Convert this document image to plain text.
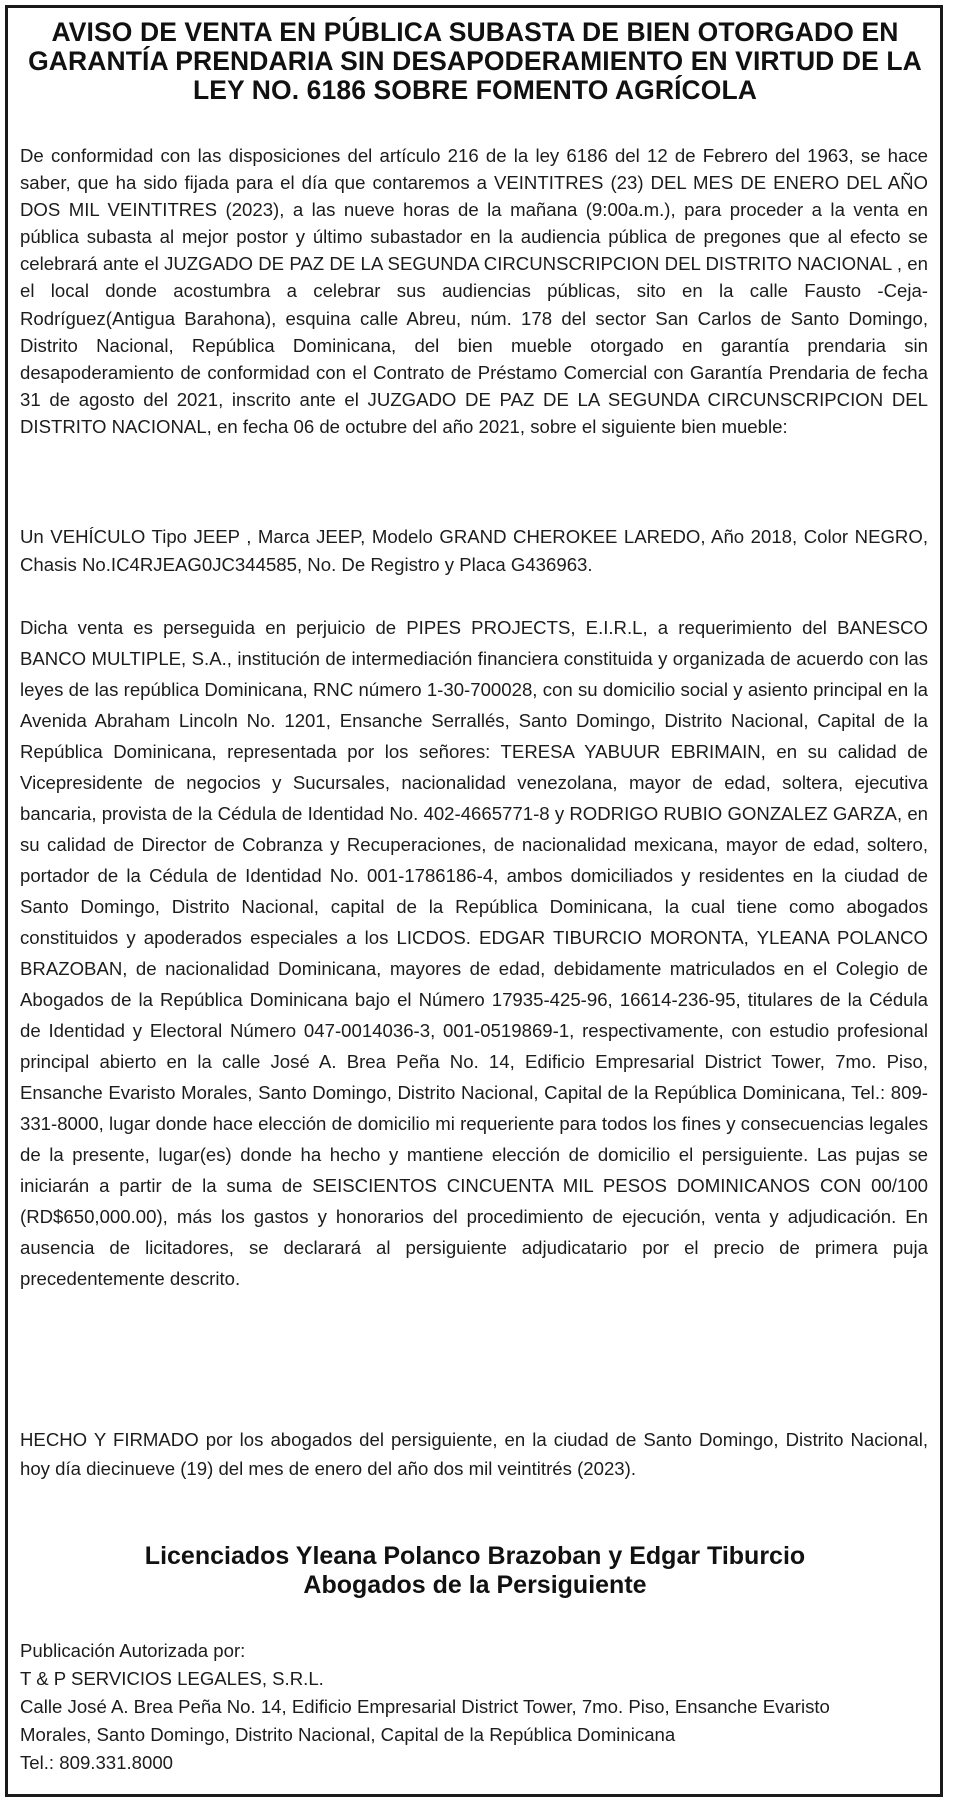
AVISO DE VENTA EN PÚBLICA SUBASTA DE BIEN OTORGADO EN GARANTÍA PRENDARIA SIN DESAPODERAMIENTO EN VIRTUD DE LA LEY NO. 6186 SOBRE FOMENTO AGRÍCOLA

De conformidad con las disposiciones del artículo 216 de la ley 6186 del 12 de Febrero del 1963, se hace saber, que ha sido fijada para el día que contaremos a VEINTITRES (23) DEL MES DE ENERO DEL AÑO DOS MIL VEINTITRES (2023), a las nueve horas de la mañana (9:00a.m.), para proceder a la venta en pública subasta al mejor postor y último subastador en la audiencia pública de pregones que al efecto se celebrará ante el JUZGADO DE PAZ DE LA SEGUNDA CIRCUNSCRIPCION DEL DISTRITO NACIONAL , en el local donde acostumbra a celebrar sus audiencias públicas, sito en la calle Fausto -Ceja- Rodríguez(Antigua Barahona), esquina calle Abreu, núm. 178 del sector San Carlos de Santo Domingo, Distrito Nacional, República Dominicana, del bien mueble otorgado en garantía prendaria sin desapoderamiento de conformidad con el Contrato de Préstamo Comercial con Garantía Prendaria de fecha 31 de agosto del 2021, inscrito ante el JUZGADO DE PAZ DE LA SEGUNDA CIRCUNSCRIPCION DEL DISTRITO NACIONAL, en fecha 06 de octubre del año 2021, sobre el siguiente bien mueble:

Un VEHÍCULO Tipo JEEP , Marca JEEP, Modelo GRAND CHEROKEE LAREDO, Año 2018, Color NEGRO, Chasis No.IC4RJEAG0JC344585, No. De Registro y Placa G436963.

Dicha venta es perseguida en perjuicio de PIPES PROJECTS, E.I.R.L, a requerimiento del BANESCO BANCO MULTIPLE, S.A., institución de intermediación financiera constituida y organizada de acuerdo con las leyes de las república Dominicana, RNC número 1-30-700028, con su domicilio social y asiento principal en la Avenida Abraham Lincoln No. 1201, Ensanche Serrallés, Santo Domingo, Distrito Nacional, Capital de la República Dominicana, representada por los señores: TERESA YABUUR EBRIMAIN, en su calidad de Vicepresidente de negocios y Sucursales, nacionalidad venezolana, mayor de edad, soltera, ejecutiva bancaria, provista de la Cédula de Identidad No. 402-4665771-8 y RODRIGO RUBIO GONZALEZ GARZA, en su calidad de Director de Cobranza y Recuperaciones, de nacionalidad mexicana, mayor de edad, soltero, portador de la Cédula de Identidad No. 001-1786186-4, ambos domiciliados y residentes en la ciudad de Santo Domingo, Distrito Nacional, capital de la República Dominicana, la cual tiene como abogados constituidos y apoderados especiales a los LICDOS. EDGAR TIBURCIO MORONTA, YLEANA POLANCO BRAZOBAN, de nacionalidad Dominicana, mayores de edad, debidamente matriculados en el Colegio de Abogados de la República Dominicana bajo el Número 17935-425-96, 16614-236-95, titulares de la Cédula de Identidad y Electoral Número 047-0014036-3, 001-0519869-1, respectivamente, con estudio profesional principal abierto en la calle José A. Brea Peña No. 14, Edificio Empresarial District Tower, 7mo. Piso, Ensanche Evaristo Morales, Santo Domingo, Distrito Nacional, Capital de la República Dominicana, Tel.: 809-331-8000, lugar donde hace elección de domicilio mi requeriente para todos los fines y consecuencias legales de la presente, lugar(es) donde ha hecho y mantiene elección de domicilio el persiguiente. Las pujas se iniciarán a partir de la suma de SEISCIENTOS CINCUENTA MIL PESOS DOMINICANOS CON 00/100 (RD$650,000.00), más los gastos y honorarios del procedimiento de ejecución, venta y adjudicación. En ausencia de licitadores, se declarará al persiguiente adjudicatario por el precio de primera puja precedentemente descrito.

HECHO Y FIRMADO por los abogados del persiguiente, en la ciudad de Santo Domingo, Distrito Nacional, hoy día diecinueve (19) del mes de enero del año dos mil veintitrés (2023).

Licenciados Yleana Polanco Brazoban y Edgar Tiburcio
Abogados de la Persiguiente
Publicación Autorizada por:
T & P SERVICIOS LEGALES, S.R.L.
Calle José A. Brea Peña No. 14, Edificio Empresarial District Tower, 7mo. Piso, Ensanche Evaristo
Morales, Santo Domingo, Distrito Nacional, Capital de la República Dominicana
Tel.: 809.331.8000
